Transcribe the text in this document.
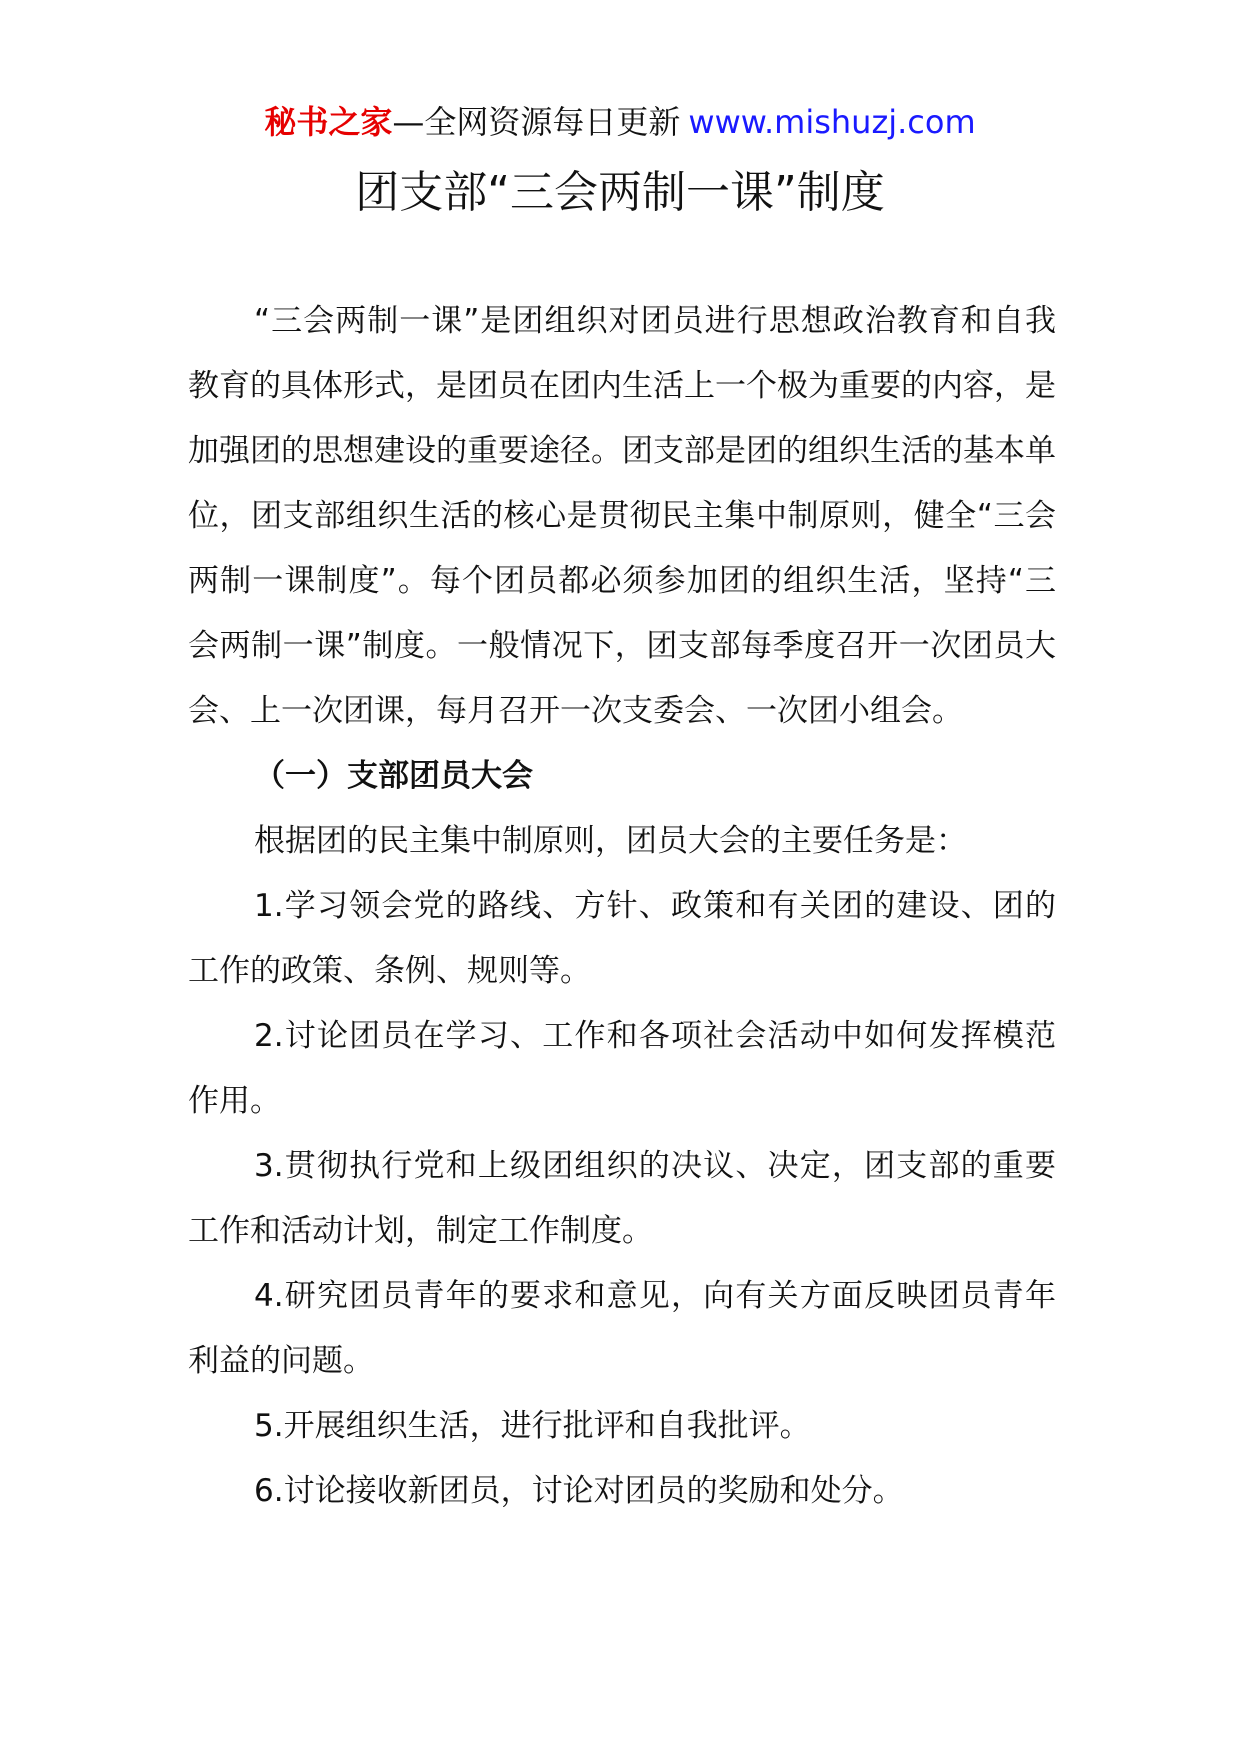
秘书之家—全网资源每日更新 www.mishuzj.com
团支部“三会两制一课”制度

“三会两制一课”是团组织对团员进行思想政治教育和自我教育的具体形式，是团员在团内生活上一个极为重要的内容，是加强团的思想建设的重要途径。团支部是团的组织生活的基本单位，团支部组织生活的核心是贯彻民主集中制原则，健全“三会两制一课制度”。每个团员都必须参加团的组织生活，坚持“三会两制一课”制度。一般情况下，团支部每季度召开一次团员大会、上一次团课，每月召开一次支委会、一次团小组会。

（一）支部团员大会

根据团的民主集中制原则，团员大会的主要任务是：

1.学习领会党的路线、方针、政策和有关团的建设、团的工作的政策、条例、规则等。

2.讨论团员在学习、工作和各项社会活动中如何发挥模范作用。

3.贯彻执行党和上级团组织的决议、决定，团支部的重要工作和活动计划，制定工作制度。

4.研究团员青年的要求和意见，向有关方面反映团员青年利益的问题。

5.开展组织生活，进行批评和自我批评。

6.讨论接收新团员，讨论对团员的奖励和处分。
